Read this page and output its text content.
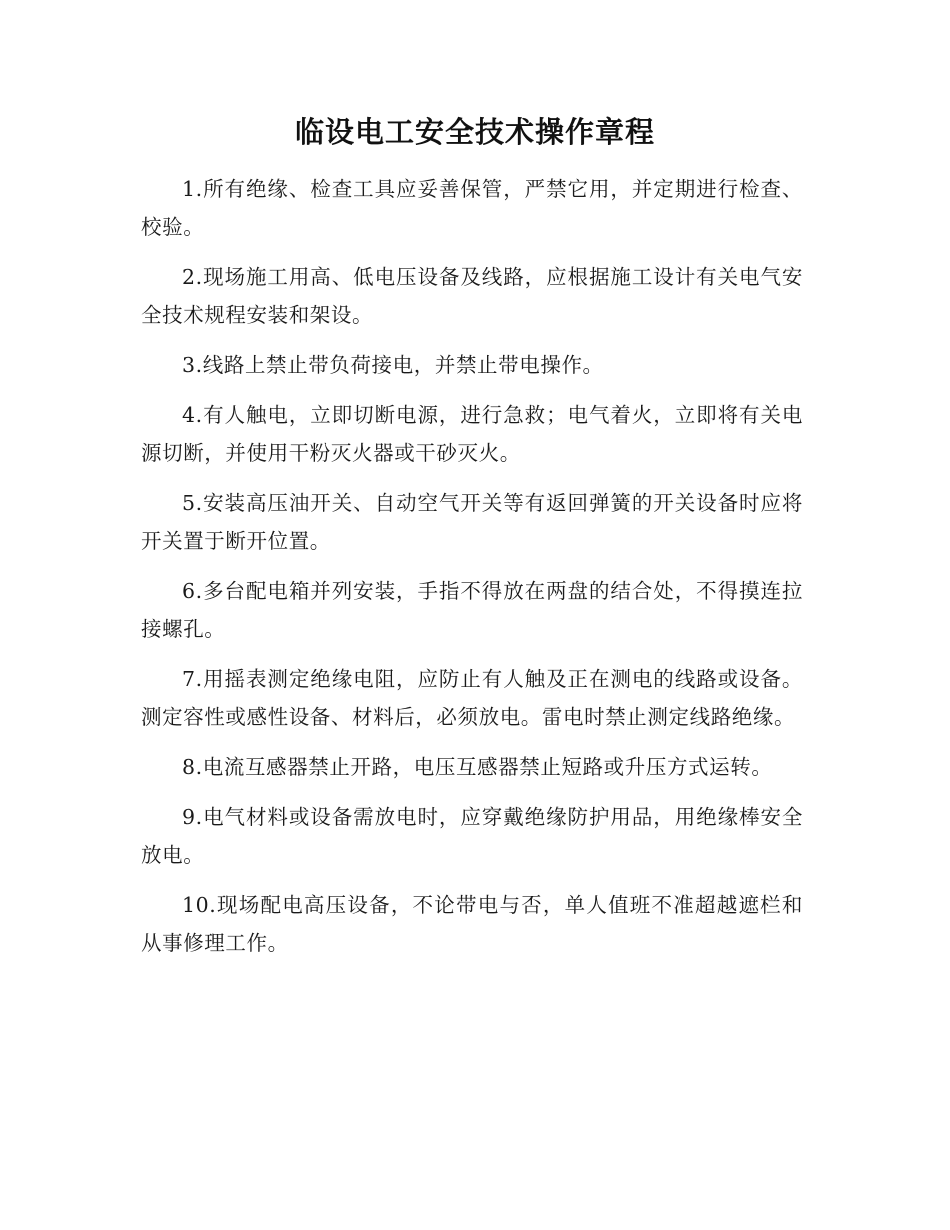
临设电工安全技术操作章程

1.所有绝缘、检查工具应妥善保管，严禁它用，并定期进行检查、校验。

2.现场施工用高、低电压设备及线路，应根据施工设计有关电气安全技术规程安装和架设。

3.线路上禁止带负荷接电，并禁止带电操作。

4.有人触电，立即切断电源，进行急救；电气着火，立即将有关电源切断，并使用干粉灭火器或干砂灭火。

5.安装高压油开关、自动空气开关等有返回弹簧的开关设备时应将开关置于断开位置。

6.多台配电箱并列安装，手指不得放在两盘的结合处，不得摸连拉接螺孔。

7.用摇表测定绝缘电阻，应防止有人触及正在测电的线路或设备。测定容性或感性设备、材料后，必须放电。雷电时禁止测定线路绝缘。

8.电流互感器禁止开路，电压互感器禁止短路或升压方式运转。

9.电气材料或设备需放电时，应穿戴绝缘防护用品，用绝缘棒安全放电。

10.现场配电高压设备，不论带电与否，单人值班不准超越遮栏和从事修理工作。
